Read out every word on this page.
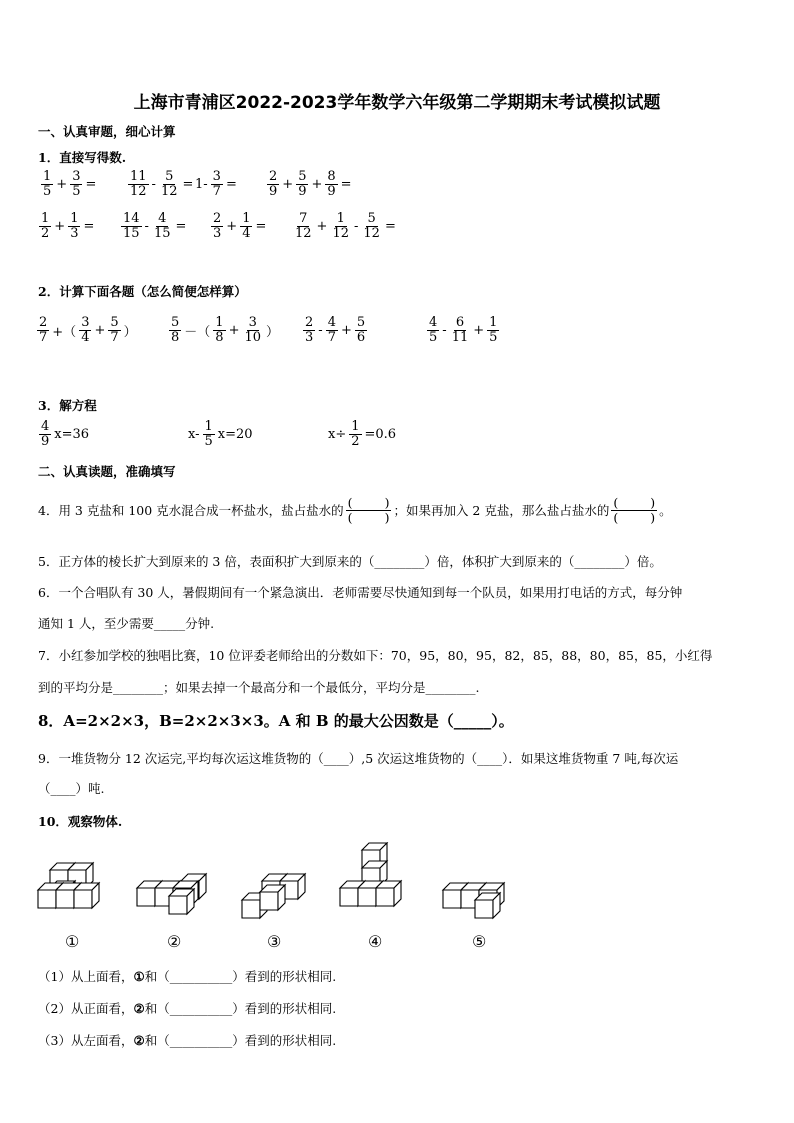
上海市青浦区2022-2023学年数学六年级第二学期期末考试模拟试题
一、认真审题，细心计算
1．直接写得数.
2．计算下面各题（怎么简便怎样算）
3．解方程
二、认真读题，准确填写
4．用 3 克盐和 100 克水混合成一杯盐水，盐占盐水的
(	)
(	) ；如果再加入 2 克盐，那么盐占盐水的
(	)
(	) 。
5．正方体的棱长扩大到原来的 3 倍，表面积扩大到原来的（________）倍，体积扩大到原来的（________）倍。
6．一个合唱队有 30 人，暑假期间有一个紧急演出．老师需要尽快通知到每一个队员，如果用打电话的方式，每分钟
通知 1 人，至少需要_____分钟.
7．小红参加学校的独唱比赛，10 位评委老师给出的分数如下：70，95，80，95，82，85，88，80，85，85，小红得
到的平均分是________；如果去掉一个最高分和一个最低分，平均分是________.
8．A=2×2×3，B=2×2×3×3。A 和 B 的最大公因数是（_____）。
9．一堆货物分 12 次运完,平均每次运这堆货物的（____）,5 次运这堆货物的（____）．如果这堆货物重 7 吨,每次运
（____）吨.
10．观察物体.
①	②	③	④	⑤
（1）从上面看，①和（__________）看到的形状相同.
（2）从正面看，②和（__________）看到的形状相同.
（3）从左面看，②和（__________）看到的形状相同.
$\frac{1}{5} + \frac{3}{5} = \frac{11}{12} - \frac{5}{12} = 1- \frac{3}{7} = \frac{2}{9} + \frac{5}{9} + \frac{8}{9}$ =
$\frac{1}{2} + \frac{1}{3} = \frac{14}{15} - \frac{4}{15} = \frac{2}{3} + \frac{1}{4} = \frac{7}{12} + \frac{1}{12} - \frac{5}{12}$ =
$\frac{2}{7}$ +（ $\frac{3}{4} + \frac{5}{7}$ ） $\frac{5}{8}$ －（ $\frac{1}{8} + \frac{3}{10}$ ） $\frac{2}{3} - \frac{4}{7} + \frac{5}{6}$	$\frac{4}{5} - \frac{6}{11} + \frac{1}{5}$
$\frac{4}{9} x=36$	$x- \frac{1}{5} x=20$	$x\div \frac{1}{2} =0.6$
